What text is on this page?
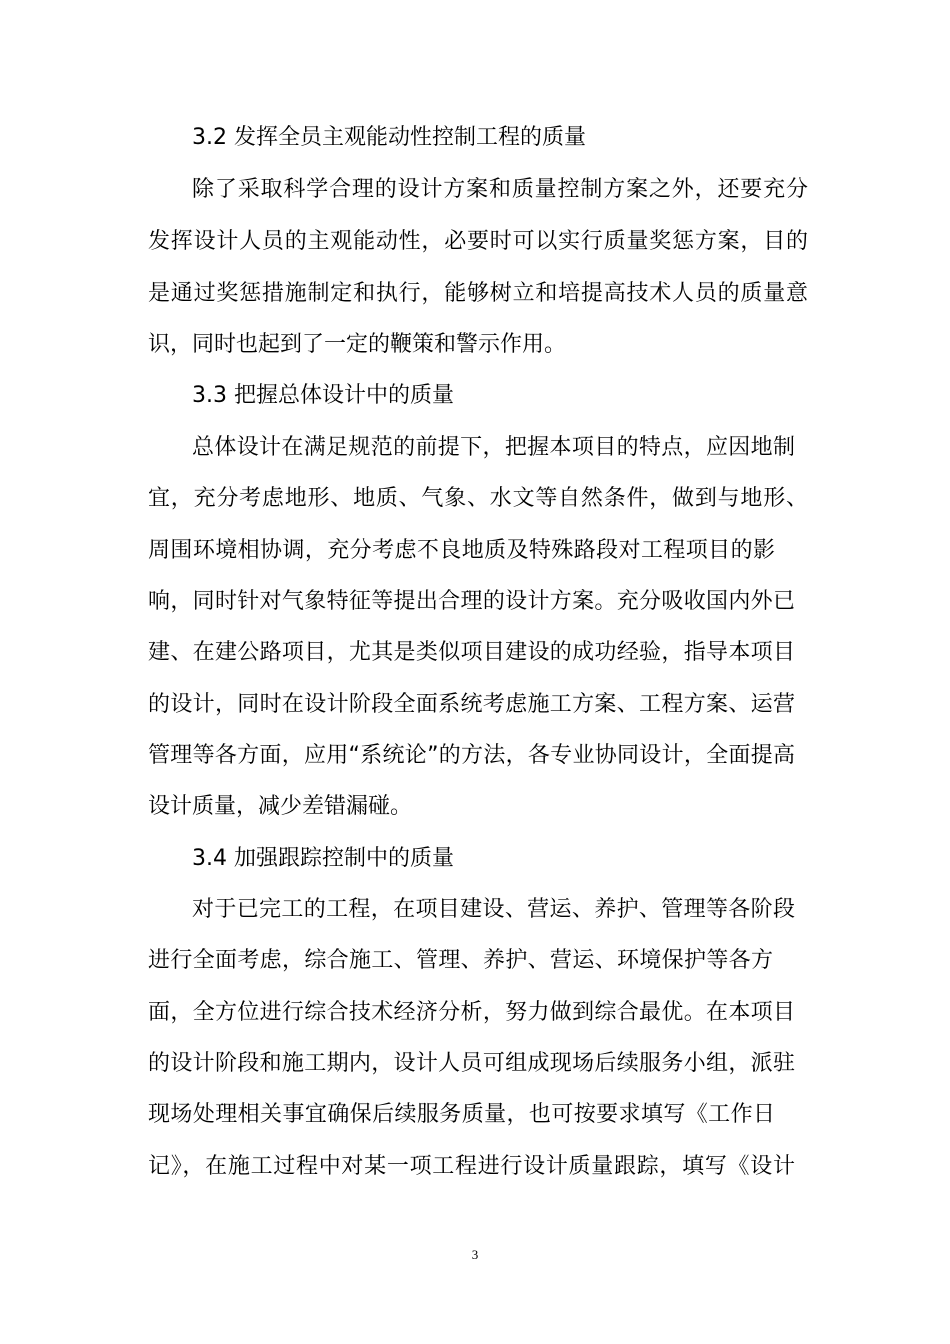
3.2 发挥全员主观能动性控制工程的质量
除了采取科学合理的设计方案和质量控制方案之外，还要充分
发挥设计人员的主观能动性，必要时可以实行质量奖惩方案，目的
是通过奖惩措施制定和执行，能够树立和培提高技术人员的质量意
识，同时也起到了一定的鞭策和警示作用。
3.3 把握总体设计中的质量
总体设计在满足规范的前提下，把握本项目的特点，应因地制
宜，充分考虑地形、地质、气象、水文等自然条件，做到与地形、
周围环境相协调，充分考虑不良地质及特殊路段对工程项目的影
响，同时针对气象特征等提出合理的设计方案。充分吸收国内外已
建、在建公路项目，尤其是类似项目建设的成功经验，指导本项目
的设计，同时在设计阶段全面系统考虑施工方案、工程方案、运营
管理等各方面，应用“系统论”的方法，各专业协同设计，全面提高
设计质量，减少差错漏碰。
3.4 加强跟踪控制中的质量
对于已完工的工程，在项目建设、营运、养护、管理等各阶段
进行全面考虑，综合施工、管理、养护、营运、环境保护等各方
面，全方位进行综合技术经济分析，努力做到综合最优。在本项目
的设计阶段和施工期内，设计人员可组成现场后续服务小组，派驻
现场处理相关事宜确保后续服务质量，也可按要求填写《工作日
记》，在施工过程中对某一项工程进行设计质量跟踪，填写《设计
3
